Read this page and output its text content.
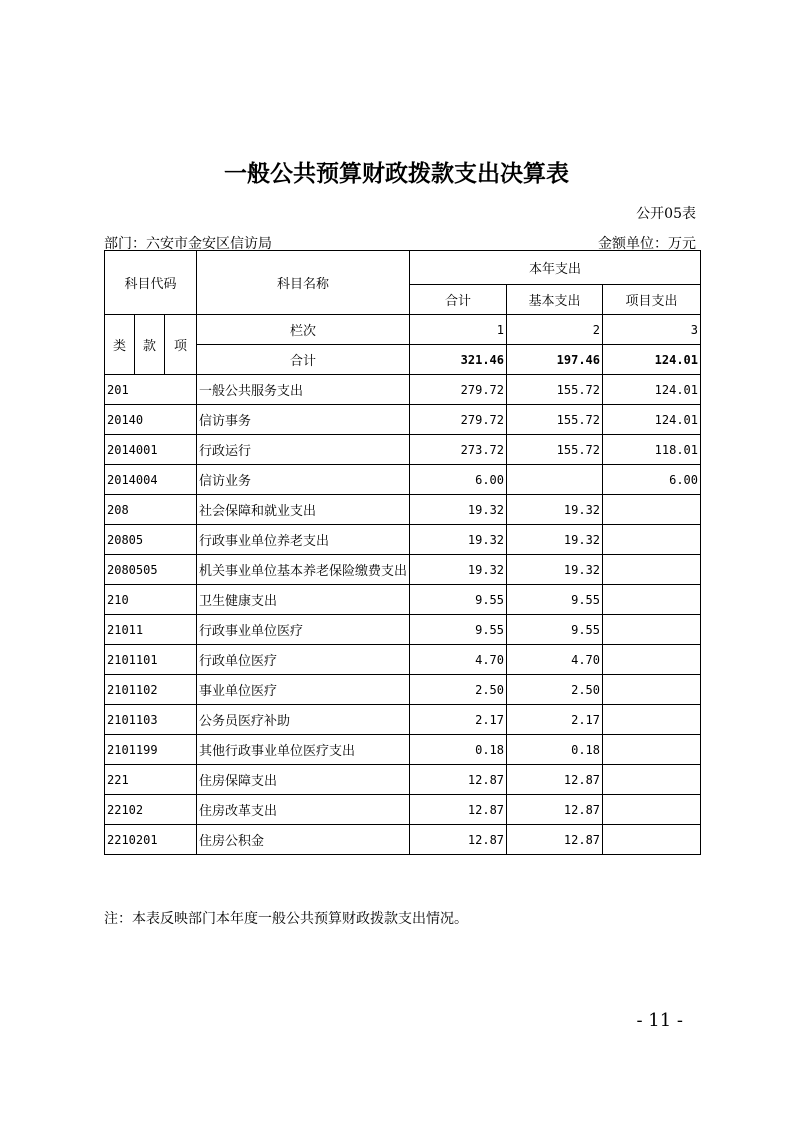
一般公共预算财政拨款支出决算表
公开05表
部门：六安市金安区信访局	金额单位：万元
科目代码			科目名称	本年支出		
				合计	基本支出	项目支出
类	款	项	栏次	1	2	3
			合计	321.46	197.46	124.01
201			一般公共服务支出	279.72	155.72	124.01
20140			信访事务	279.72	155.72	124.01
2014001			行政运行	273.72	155.72	118.01
2014004			信访业务	6.00		6.00
208			社会保障和就业支出	19.32	19.32	
20805			行政事业单位养老支出	19.32	19.32	
2080505			机关事业单位基本养老保险缴费支出	19.32	19.32	
210			卫生健康支出	9.55	9.55	
21011			行政事业单位医疗	9.55	9.55	
2101101			行政单位医疗	4.70	4.70	
2101102			事业单位医疗	2.50	2.50	
2101103			公务员医疗补助	2.17	2.17	
2101199			其他行政事业单位医疗支出	0.18	0.18	
221			住房保障支出	12.87	12.87	
22102			住房改革支出	12.87	12.87	
2210201			住房公积金	12.87	12.87	
注：本表反映部门本年度一般公共预算财政拨款支出情况。
- 11 -
